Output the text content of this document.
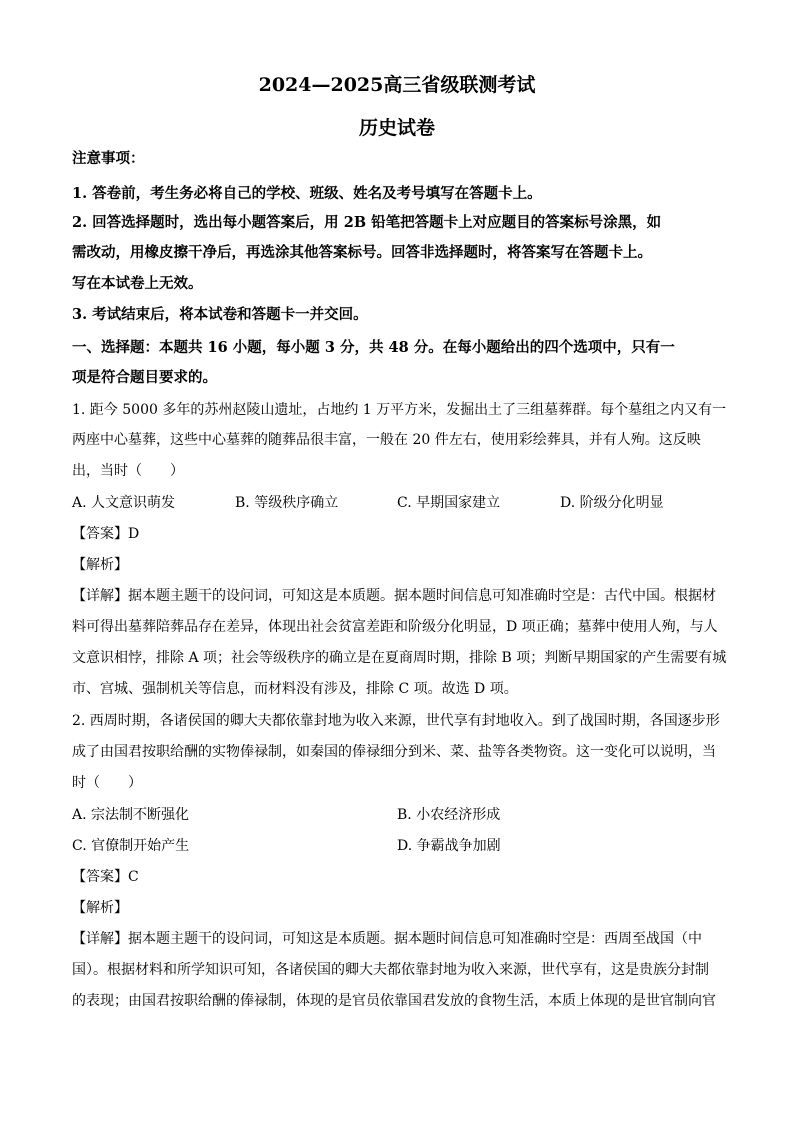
2024—2025高三省级联测考试
历史试卷
注意事项：
1. 答卷前，考生务必将自己的学校、班级、姓名及考号填写在答题卡上。
2. 回答选择题时，选出每小题答案后，用 2B 铅笔把答题卡上对应题目的答案标号涂黑，如
需改动，用橡皮擦干净后，再选涂其他答案标号。回答非选择题时，将答案写在答题卡上。
写在本试卷上无效。
3. 考试结束后，将本试卷和答题卡一并交回。
一、选择题：本题共 16 小题，每小题 3 分，共 48 分。在每小题给出的四个选项中，只有一
项是符合题目要求的。
1. 距今 5000 多年的苏州赵陵山遗址，占地约 1 万平方米，发掘出土了三组墓葬群。每个墓组之内又有一
两座中心墓葬，这些中心墓葬的随葬品很丰富，一般在 20 件左右，使用彩绘葬具，并有人殉。这反映
出，当时（　　）
A. 人文意识萌发	B. 等级秩序确立	C. 早期国家建立	D. 阶级分化明显
【答案】D
【解析】
【详解】据本题主题干的设问词，可知这是本质题。据本题时间信息可知准确时空是：古代中国。根据材
料可得出墓葬陪葬品存在差异，体现出社会贫富差距和阶级分化明显，D 项正确；墓葬中使用人殉，与人
文意识相悖，排除 A 项；社会等级秩序的确立是在夏商周时期，排除 B 项；判断早期国家的产生需要有城
市、宫城、强制机关等信息，而材料没有涉及，排除 C 项。故选 D 项。
2. 西周时期，各诸侯国的卿大夫都依靠封地为收入来源，世代享有封地收入。到了战国时期，各国逐步形
成了由国君按职给酬的实物俸禄制，如秦国的俸禄细分到米、菜、盐等各类物资。这一变化可以说明，当
时（　　）
A. 宗法制不断强化	B. 小农经济形成
C. 官僚制开始产生	D. 争霸战争加剧
【答案】C
【解析】
【详解】据本题主题干的设问词，可知这是本质题。据本题时间信息可知准确时空是：西周至战国（中
国）。根据材料和所学知识可知，各诸侯国的卿大夫都依靠封地为收入来源，世代享有，这是贵族分封制
的表现；由国君按职给酬的俸禄制，体现的是官员依靠国君发放的食物生活，本质上体现的是世官制向官
